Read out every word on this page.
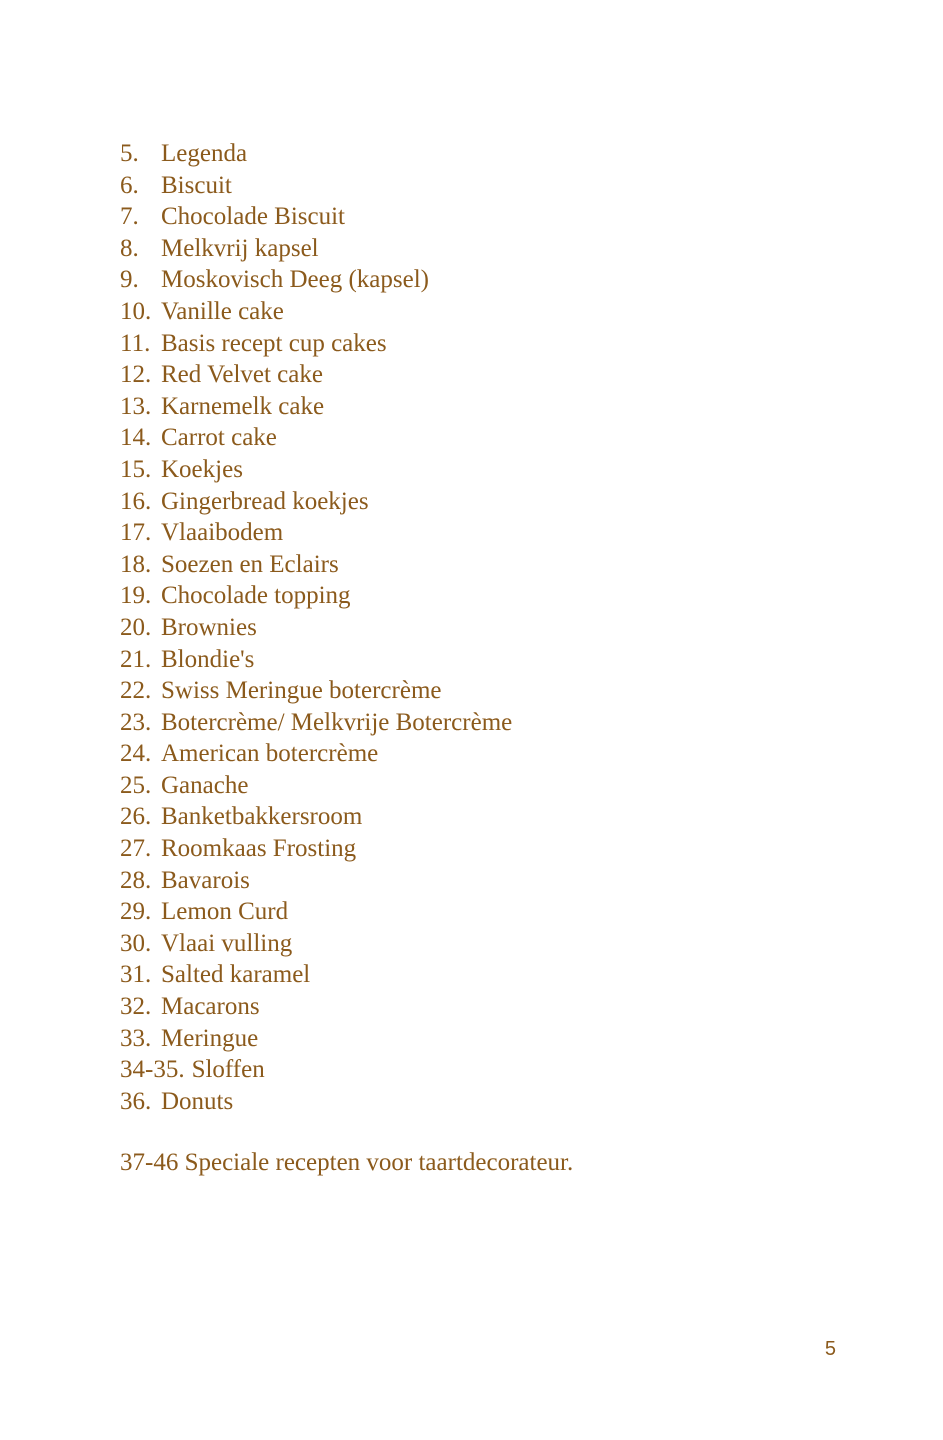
5. Legenda
6. Biscuit
7. Chocolade Biscuit
8. Melkvrij kapsel
9. Moskovisch Deeg (kapsel)
10. Vanille cake
11. Basis recept cup cakes
12. Red Velvet cake
13. Karnemelk cake
14. Carrot cake
15. Koekjes
16. Gingerbread koekjes
17. Vlaaibodem
18. Soezen en Eclairs
19. Chocolade topping
20. Brownies
21. Blondie's
22. Swiss Meringue botercrème
23. Botercrème/ Melkvrije Botercrème
24. American botercrème
25. Ganache
26. Banketbakkersroom
27. Roomkaas Frosting
28. Bavarois
29. Lemon Curd
30. Vlaai vulling
31. Salted karamel
32. Macarons
33. Meringue
34-35. Sloffen
36. Donuts

37-46 Speciale recepten voor taartdecorateur.

5
